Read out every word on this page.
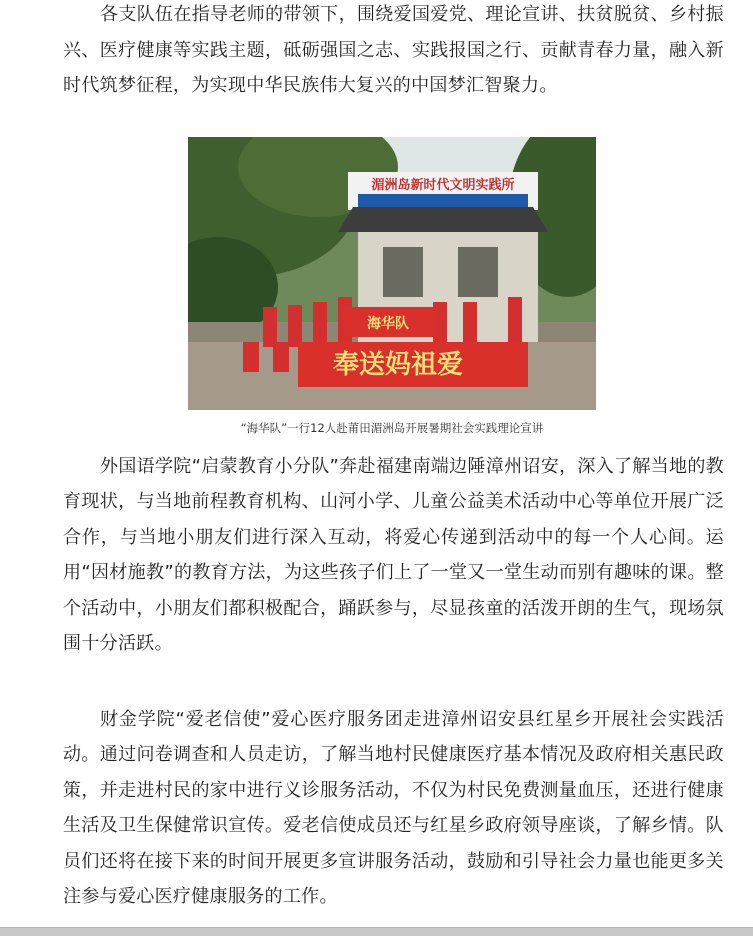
各支队伍在指导老师的带领下，围绕爱国爱党、理论宣讲、扶贫脱贫、乡村振兴、医疗健康等实践主题，砥砺强国之志、实践报国之行、贡献青春力量，融入新时代筑梦征程，为实现中华民族伟大复兴的中国梦汇智聚力。

湄洲岛新时代文明实践所
海华队
奉送妈祖爱
“海华队”一行12人赴莆田湄洲岛开展暑期社会实践理论宣讲

外国语学院“启蒙教育小分队”奔赴福建南端边陲漳州诏安，深入了解当地的教育现状，与当地前程教育机构、山河小学、儿童公益美术活动中心等单位开展广泛合作，与当地小朋友们进行深入互动，将爱心传递到活动中的每一个人心间。运用“因材施教”的教育方法，为这些孩子们上了一堂又一堂生动而别有趣味的课。整个活动中，小朋友们都积极配合，踊跃参与，尽显孩童的活泼开朗的生气，现场氛围十分活跃。

财金学院“爱老信使”爱心医疗服务团走进漳州诏安县红星乡开展社会实践活动。通过问卷调查和人员走访，了解当地村民健康医疗基本情况及政府相关惠民政策，并走进村民的家中进行义诊服务活动，不仅为村民免费测量血压，还进行健康生活及卫生保健常识宣传。爱老信使成员还与红星乡政府领导座谈，了解乡情。队员们还将在接下来的时间开展更多宣讲服务活动，鼓励和引导社会力量也能更多关注参与爱心医疗健康服务的工作。
